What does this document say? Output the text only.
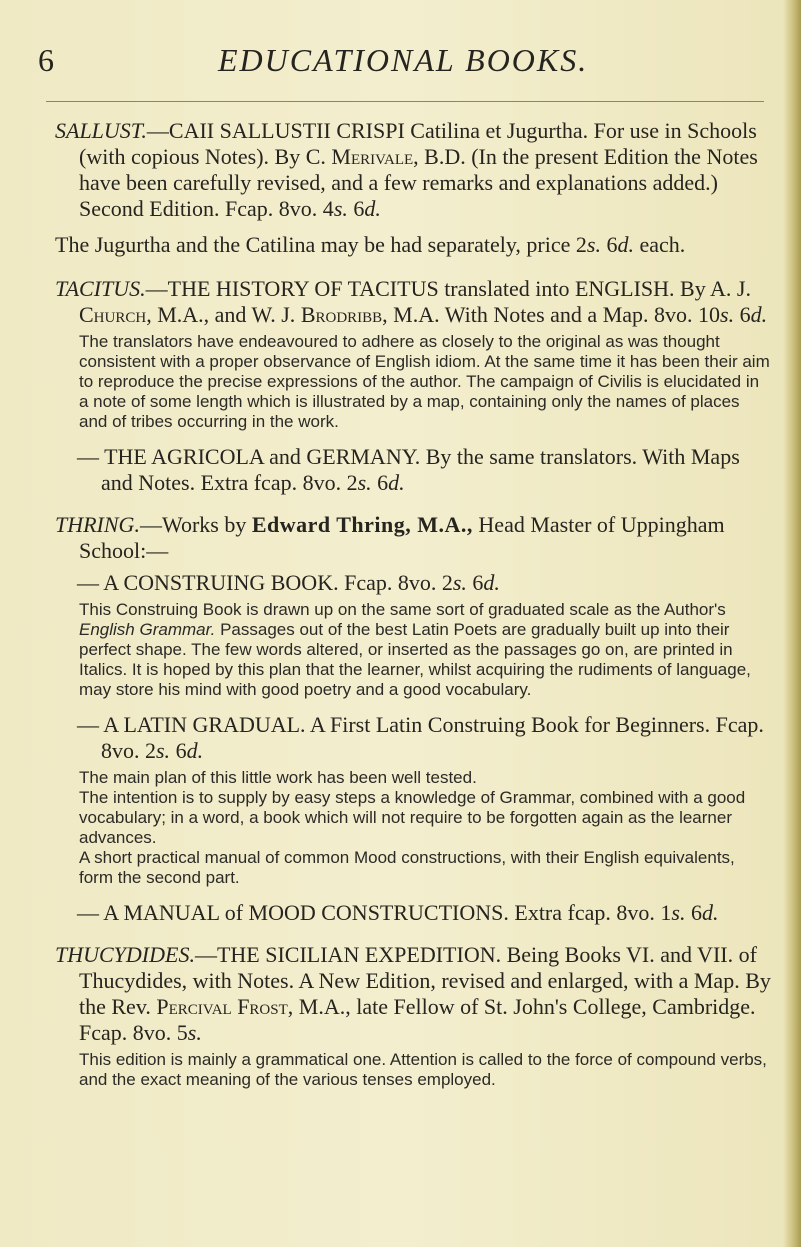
6	EDUCATIONAL BOOKS.

SALLUST.—CAII SALLUSTII CRISPI Catilina et Jugurtha. For use in Schools (with copious Notes). By C. Merivale, B.D. (In the present Edition the Notes have been carefully revised, and a few remarks and explanations added.) Second Edition. Fcap. 8vo. 4s. 6d.

The Jugurtha and the Catilina may be had separately, price 2s. 6d. each.

TACITUS.—THE HISTORY OF TACITUS translated into ENGLISH. By A. J. Church, M.A., and W. J. Brodribb, M.A. With Notes and a Map. 8vo. 10s. 6d.

The translators have endeavoured to adhere as closely to the original as was thought consistent with a proper observance of English idiom. At the same time it has been their aim to reproduce the precise expressions of the author. The campaign of Civilis is elucidated in a note of some length which is illustrated by a map, containing only the names of places and of tribes occurring in the work.

— THE AGRICOLA and GERMANY. By the same translators. With Maps and Notes. Extra fcap. 8vo. 2s. 6d.

THRING.—Works by Edward Thring, M.A., Head Master of Uppingham School:—

— A CONSTRUING BOOK. Fcap. 8vo. 2s. 6d.

This Construing Book is drawn up on the same sort of graduated scale as the Author's English Grammar. Passages out of the best Latin Poets are gradually built up into their perfect shape. The few words altered, or inserted as the passages go on, are printed in Italics. It is hoped by this plan that the learner, whilst acquiring the rudiments of language, may store his mind with good poetry and a good vocabulary.

— A LATIN GRADUAL. A First Latin Construing Book for Beginners. Fcap. 8vo. 2s. 6d.

The main plan of this little work has been well tested.

The intention is to supply by easy steps a knowledge of Grammar, combined with a good vocabulary; in a word, a book which will not require to be forgotten again as the learner advances.

A short practical manual of common Mood constructions, with their English equivalents, form the second part.

— A MANUAL of MOOD CONSTRUCTIONS. Extra fcap. 8vo. 1s. 6d.

THUCYDIDES.—THE SICILIAN EXPEDITION. Being Books VI. and VII. of Thucydides, with Notes. A New Edition, revised and enlarged, with a Map. By the Rev. Percival Frost, M.A., late Fellow of St. John's College, Cambridge. Fcap. 8vo. 5s.

This edition is mainly a grammatical one. Attention is called to the force of compound verbs, and the exact meaning of the various tenses employed.
